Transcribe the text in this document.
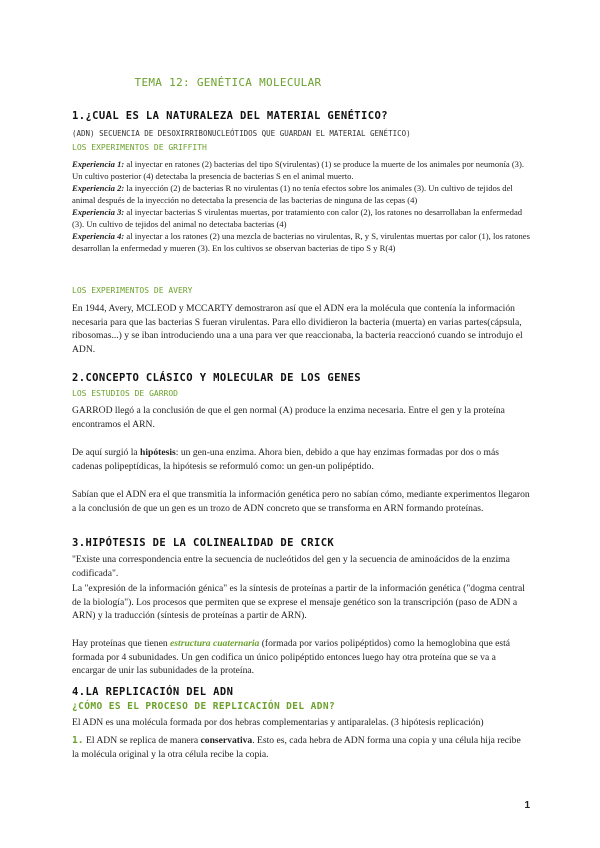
TEMA 12: GENÉTICA MOLECULAR
1.¿CUAL ES LA NATURALEZA DEL MATERIAL GENÉTICO?
(ADN) SECUENCIA DE DESOXIRRIBONUCLEÓTIDOS QUE GUARDAN EL MATERIAL GENÉTICO)
LOS EXPERIMENTOS DE GRIFFITH
Experiencia 1: al inyectar en ratones (2) bacterias del tipo S(virulentas) (1) se produce la muerte de los animales por neumonía (3). Un cultivo posterior (4) detectaba la presencia de bacterias S en el animal muerto.
Experiencia 2: la inyección (2) de bacterias R no virulentas (1) no tenía efectos sobre los animales (3). Un cultivo de tejidos del animal después de la inyección no detectaba la presencia de las bacterias de ninguna de las cepas (4)
Experiencia 3: al inyectar bacterias S virulentas muertas, por tratamiento con calor (2), los ratones no desarrollaban la enfermedad (3). Un cultivo de tejidos del animal no detectaba bacterias (4)
Experiencia 4: al inyectar a los ratones (2) una mezcla de bacterias no virulentas, R, y S, virulentas muertas por calor (1), los ratones desarrollan la enfermedad y mueren (3). En los cultivos se observan bacterias de tipo S y R(4)
LOS EXPERIMENTOS DE AVERY
En 1944, Avery, MCLEOD y MCCARTY demostraron así que el ADN era la molécula que contenía la información necesaria para que las bacterias S fueran virulentas. Para ello dividieron la bacteria (muerta) en varias partes(cápsula, ribosomas...) y se iban introduciendo una a una para ver que reaccionaba, la bacteria reaccionó cuando se introdujo el ADN.
2.CONCEPTO CLÁSICO Y MOLECULAR DE LOS GENES
LOS ESTUDIOS DE GARROD
GARROD llegó a la conclusión de que el gen normal (A) produce la enzima necesaria. Entre el gen y la proteína encontramos el ARN.
De aquí surgió la hipótesis: un gen-una enzima. Ahora bien, debido a que hay enzimas formadas por dos o más cadenas polipeptídicas, la hipótesis se reformuló como: un gen-un polipéptido.
Sabían que el ADN era el que transmitía la información genética pero no sabían cómo, mediante experimentos llegaron a la conclusión de que un gen es un trozo de ADN concreto que se transforma en ARN formando proteínas.
3.HIPÓTESIS DE LA COLINEALIDAD DE CRICK
"Existe una correspondencia entre la secuencia de nucleótidos del gen y la secuencia de aminoácidos de la enzima codificada".
La "expresión de la información génica" es la síntesis de proteínas a partir de la información genética ("dogma central de la biología"). Los procesos que permiten que se exprese el mensaje genético son la transcripción (paso de ADN a ARN) y la traducción (síntesis de proteínas a partir de ARN).
Hay proteínas que tienen estructura cuaternaria (formada por varios polipéptidos) como la hemoglobina que está formada por 4 subunidades. Un gen codifica un único polipéptido entonces luego hay otra proteína que se va a encargar de unir las subunidades de la proteína.
4.LA REPLICACIÓN DEL ADN
¿CÓMO ES EL PROCESO DE REPLICACIÓN DEL ADN?
El ADN es una molécula formada por dos hebras complementarias y antiparalelas. (3 hipótesis replicación)
1. El ADN se replica de manera conservativa. Esto es, cada hebra de ADN forma una copia y una célula hija recibe la molécula original y la otra célula recibe la copia.
1
